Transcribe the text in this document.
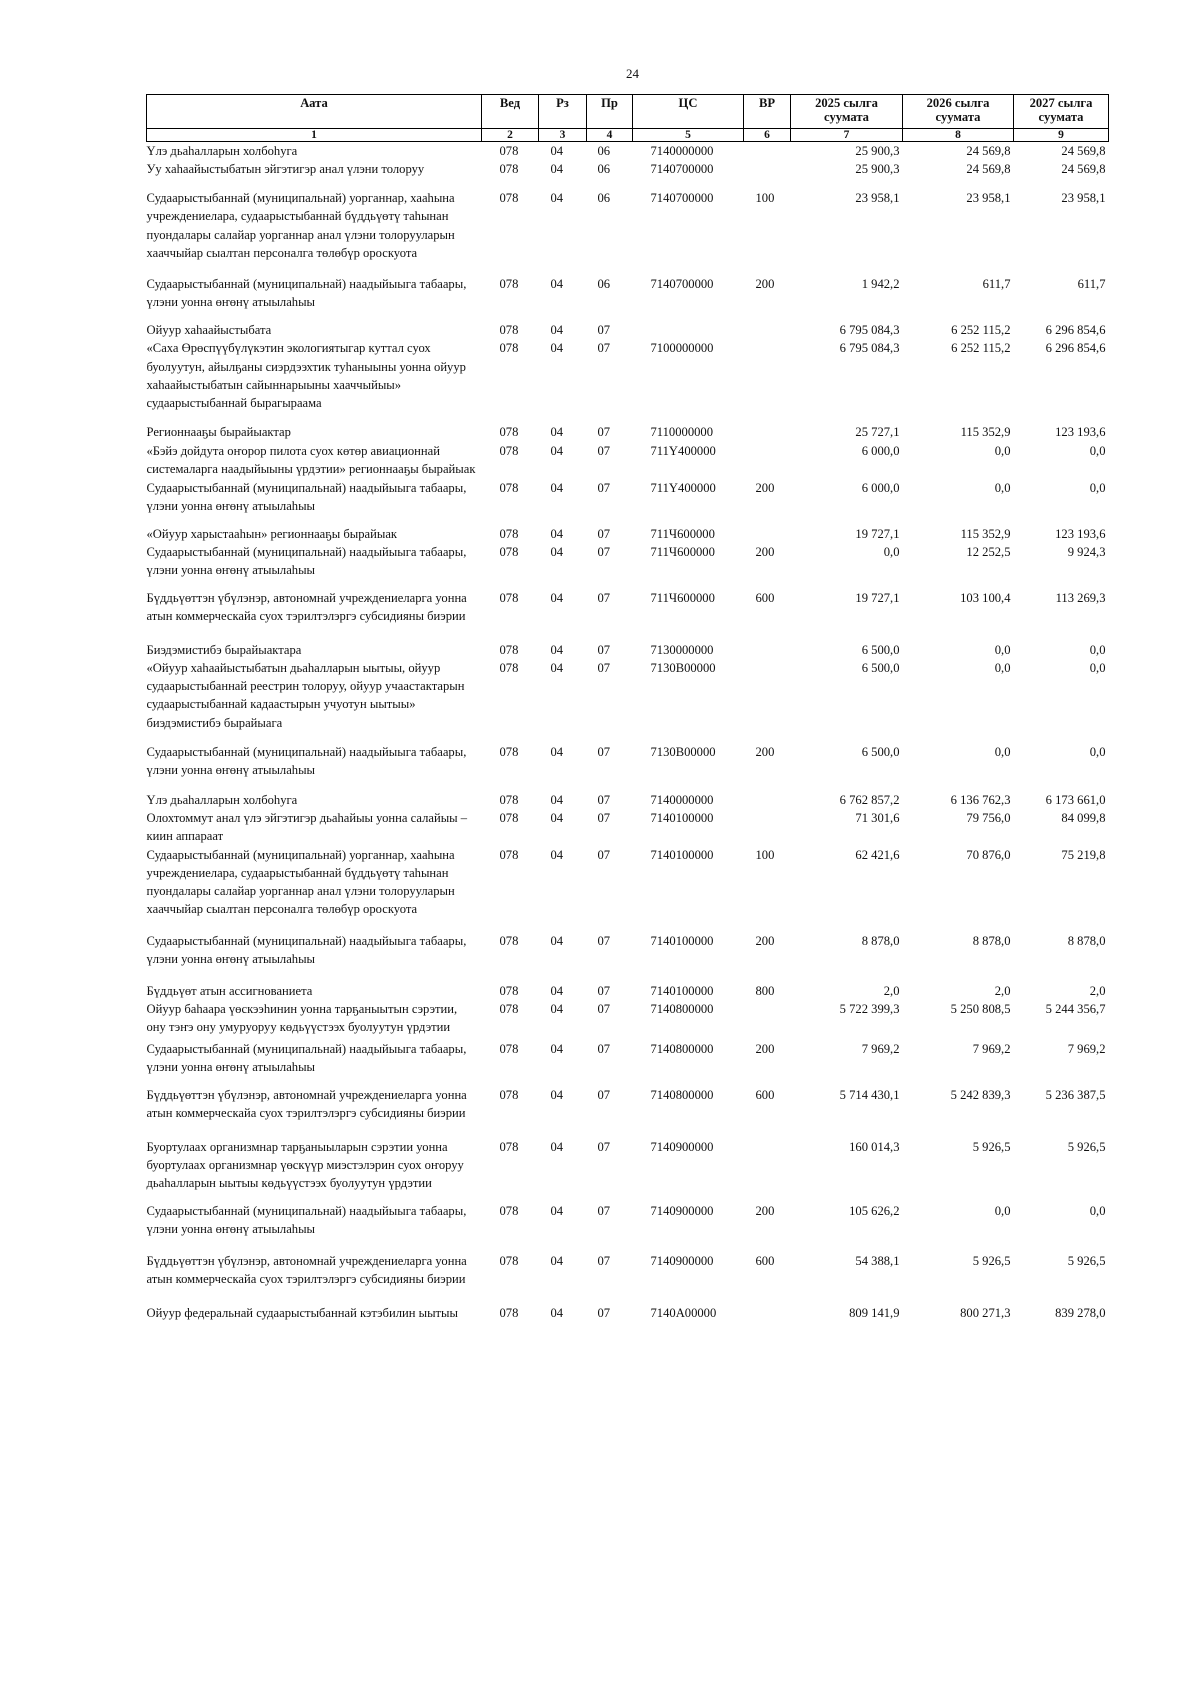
24
Аата	Вед	Рз	Пр	ЦС	ВР	2025 сылга суумата	2026 сылга суумата	2027 сылга суумата
1	2	3	4	5	6	7	8	9
Үлэ дьаһалларын холбоһуга	078	04	06	7140000000		25 900,3	24 569,8	24 569,8
Уу хаһаайыстыбатын эйгэтигэр анал үлэни толоруу	078	04	06	7140700000		25 900,3	24 569,8	24 569,8
Судаарыстыбаннай (муниципальнай) уорганнар, хааһына учреждениелара, судаарыстыбаннай бүддьүөтү таһынан пуондалары салайар уорганнар анал үлэни толорууларын хааччыйар сыалтан персоналга төлөбүр ороскуота	078	04	06	7140700000	100	23 958,1	23 958,1	23 958,1
Судаарыстыбаннай (муниципальнай) наадыйыыга табаары, үлэни уонна өҥөнү атыылаһыы	078	04	06	7140700000	200	1 942,2	611,7	611,7
Ойуур хаһаайыстыбата	078	04	07			6 795 084,3	6 252 115,2	6 296 854,6
«Саха Өрөспүүбүлүкэтин экологиятыгар куттал суох буолуутун, айылҕаны сиэрдээхтик туһаныыны уонна ойуур хаһаайыстыбатын сайыннарыыны хааччыйыы» судаарыстыбаннай бырагыраама	078	04	07	7100000000		6 795 084,3	6 252 115,2	6 296 854,6
Регионнааҕы бырайыактар	078	04	07	7110000000		25 727,1	115 352,9	123 193,6
«Бэйэ дойдута оҥорор пилота суох көтөр авиационнай системаларга наадыйыыны үрдэтии» регионнааҕы бырайыак	078	04	07	711Y400000		6 000,0	0,0	0,0
Судаарыстыбаннай (муниципальнай) наадыйыыга табаары, үлэни уонна өҥөнү атыылаһыы	078	04	07	711Y400000	200	6 000,0	0,0	0,0
«Ойуур харыстааһын» регионнааҕы бырайыак	078	04	07	711Ч600000		19 727,1	115 352,9	123 193,6
Судаарыстыбаннай (муниципальнай) наадыйыыга табаары, үлэни уонна өҥөнү атыылаһыы	078	04	07	711Ч600000	200	0,0	12 252,5	9 924,3
Бүддьүөттэн үбүлэнэр, автономнай учреждениеларга уонна атын коммерческайа суох тэрилтэлэргэ субсидияны биэрии	078	04	07	711Ч600000	600	19 727,1	103 100,4	113 269,3
Биэдэмистибэ бырайыактара	078	04	07	7130000000		6 500,0	0,0	0,0
«Ойуур хаһаайыстыбатын дьаһалларын ыытыы, ойуур судаарыстыбаннай реестрин толоруу, ойуур учаастактарын судаарыстыбаннай кадаастырын учуотун ыытыы» биэдэмистибэ бырайыага	078	04	07	7130В00000		6 500,0	0,0	0,0
Судаарыстыбаннай (муниципальнай) наадыйыыга табаары, үлэни уонна өҥөнү атыылаһыы	078	04	07	7130В00000	200	6 500,0	0,0	0,0
Үлэ дьаһалларын холбоһуга	078	04	07	7140000000		6 762 857,2	6 136 762,3	6 173 661,0
Олохтоммут анал үлэ эйгэтигэр дьаһайыы уонна салайыы – киин аппараат	078	04	07	7140100000		71 301,6	79 756,0	84 099,8
Судаарыстыбаннай (муниципальнай) уорганнар, хааһына учреждениелара, судаарыстыбаннай бүддьүөтү таһынан пуондалары салайар уорганнар анал үлэни толорууларын хааччыйар сыалтан персоналга төлөбүр ороскуота	078	04	07	7140100000	100	62 421,6	70 876,0	75 219,8
Судаарыстыбаннай (муниципальнай) наадыйыыга табаары, үлэни уонна өҥөнү атыылаһыы	078	04	07	7140100000	200	8 878,0	8 878,0	8 878,0
Бүддьүөт атын ассигнованиета	078	04	07	7140100000	800	2,0	2,0	2,0
Ойуур баһаара үөскээһинин уонна тарҕаныытын сэрэтии, ону тэҥэ ону умуруоруу көдьүүстээх буолуутун үрдэтии	078	04	07	7140800000		5 722 399,3	5 250 808,5	5 244 356,7
Судаарыстыбаннай (муниципальнай) наадыйыыга табаары, үлэни уонна өҥөнү атыылаһыы	078	04	07	7140800000	200	7 969,2	7 969,2	7 969,2
Бүддьүөттэн үбүлэнэр, автономнай учреждениеларга уонна атын коммерческайа суох тэрилтэлэргэ субсидияны биэрии	078	04	07	7140800000	600	5 714 430,1	5 242 839,3	5 236 387,5
Буортулаах организмнар тарҕаныыларын сэрэтии уонна буортулаах организмнар үөскүүр миэстэлэрин суох оҥоруу дьаһалларын ыытыы көдьүүстээх буолуутун үрдэтии	078	04	07	7140900000		160 014,3	5 926,5	5 926,5
Судаарыстыбаннай (муниципальнай) наадыйыыга табаары, үлэни уонна өҥөнү атыылаһыы	078	04	07	7140900000	200	105 626,2	0,0	0,0
Бүддьүөттэн үбүлэнэр, автономнай учреждениеларга уонна атын коммерческайа суох тэрилтэлэргэ субсидияны биэрии	078	04	07	7140900000	600	54 388,1	5 926,5	5 926,5
Ойуур федеральнай судаарыстыбаннай кэтэбилин ыытыы	078	04	07	7140А00000		809 141,9	800 271,3	839 278,0
